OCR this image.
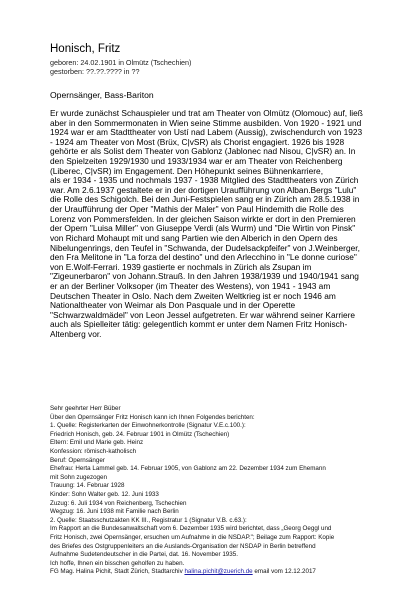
Honisch, Fritz
geboren: 24.02.1901 in Olmütz (Tschechien)
gestorben: ??.??.???? in ??
Opernsänger, Bass-Bariton
Er wurde zunächst Schauspieler und trat am Theater von Olmütz (Olomouc) auf, ließ
aber in den Sommermonaten in Wien seine Stimme ausbilden. Von 1920 - 1921 und
1924 war er am Stadttheater von Ustí nad Labem (Aussig), zwischendurch von 1923
- 1924 am Theater von Most (Brüx, C|vSR) als Chorist engagiert. 1926 bis 1928
gehörte er als Solist dem Theater von Gablonz (Jablonec nad Nisou, C|vSR) an. In
den Spielzeiten 1929/1930 und 1933/1934 war er am Theater von Reichenberg
(Liberec, C|vSR) im Engagement. Den Höhepunkt seines Bühnenkarriere,
als er 1934 - 1935 und nochmals 1937 - 1938 Mitglied des Stadttheaters von Zürich
war. Am 2.6.1937 gestaltete er in der dortigen Uraufführung von Alban.Bergs "Lulu"
die Rolle des Schigolch. Bei den Juni-Festspielen sang er in Zürich am 28.5.1938 in
der Uraufführung der Oper "Mathis der Maler" von Paul Hindemith die Rolle des
Lorenz von Pommersfelden. In der gleichen Saison wirkte er dort in den Premieren
der Opern "Luisa Miller" von Giuseppe Verdi (als Wurm) und "Die Wirtin von Pinsk"
von Richard Mohaupt mit und sang Partien wie den Alberich in den Opern des
Nibelungenrings, den Teufel in "Schwanda, der Dudelsackpfeifer" von J.Weinberger,
den Fra Melitone in "La forza del destino" und den Arlecchino in "Le donne curiose"
von E.Wolf-Ferrari. 1939 gastierte er nochmals in Zürich als Zsupan im
"Zigeunerbaron" von Johann.Strauß. In den Jahren 1938/1939 und 1940/1941 sang
er an der Berliner Volksoper (im Theater des Westens), von 1941 - 1943 am
Deutschen Theater in Oslo. Nach dem Zweiten Weltkrieg ist er noch 1946 am
Nationaltheater von Weimar als Don Pasquale und in der Operette
"Schwarzwaldmädel" von Leon Jessel aufgetreten. Er war während seiner Karriere
auch als Spielleiter tätig: gelegentlich kommt er unter dem Namen Fritz Honisch-
Altenberg vor.
Sehr geehrter Herr Büber
Über den Opernsänger Fritz Honisch kann ich Ihnen Folgendes berichten:
1. Quelle: Registerkarten der Einwohnerkontrolle (Signatur V.E.c.100.):
Friedrich Honisch, geb. 24. Februar 1901 in Olmütz (Tschechien)
Eltern: Emil und Marie geb. Heinz
Konfession: römisch-katholisch
Beruf: Opernsänger
Ehefrau: Herta Lammel geb. 14. Februar 1905, von Gablonz am 22. Dezember 1934 zum Ehemann
mit Sohn zugezogen
Trauung: 14. Februar 1928
Kinder: Sohn Walter geb. 12. Juni 1933
Zuzug: 6. Juli 1934 von Reichenberg, Tschechien
Wegzug: 16. Juni 1938 mit Familie nach Berlin
2. Quelle: Staatsschutzakten KK III., Registratur 1 (Signatur V.B. c.63.):
Im Rapport an die Bundesanwaltschaft vom 6. Dezember 1935 wird berichtet, dass „Georg Oeggl und
Fritz Honisch, zwei Opernsänger, ersuchen um Aufnahme in die NSDAP."; Beilage zum Rapport: Kopie
des Briefes des Ostgruppenleiters an die Auslands-Organisation der NSDAP in Berlin betreffend
Aufnahme Sudetendeutscher in die Partei, dat. 16. November 1935.
Ich hoffe, Ihnen ein bisschen geholfen zu haben.
FG Mag. Halina Pichit, Stadt Zürich, Stadtarchiv halina.pichit@zuerich.de email vom 12.12.2017
